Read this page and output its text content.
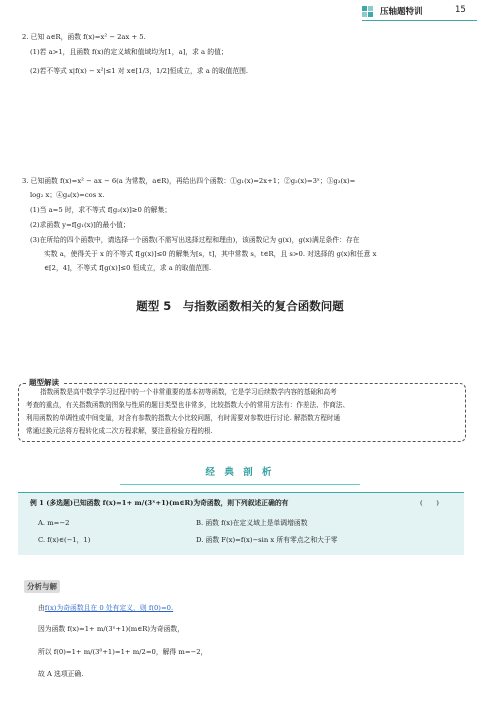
压轴题特训	15
2. 已知 a∈R，函数 f(x)=x² − 2ax + 5.
(1)若 a>1，且函数 f(x)的定义域和值域均为[1，a]，求 a 的值；
(2)若不等式 x|f(x) − x²|≤1 对 x∈[1/3，1/2]恒成立，求 a 的取值范围.
3. 已知函数 f(x)=x² − ax − 6(a 为常数，a∈R)，再给出四个函数：①g₁(x)=2x+1；②g₂(x)=3ˣ；③g₃(x)=
log₂ x；④g₄(x)=cos x.
(1)当 a=5 时，求不等式 f[g₂(x)]≥0 的解集；
(2)求函数 y=f[g₁(x)]的最小值；
(3)在所给的四个函数中，请选择一个函数(不需写出选择过程和理由)，该函数记为 g(x)，g(x)满足条件：存在
实数 a，使得关于 x 的不等式 f[g(x)]≤0 的解集为[s，t]，其中常数 s，t∈R，且 s>0. 对选择的 g(x)和任意 x
∈[2，4]，不等式 f[g(x)]≤0 恒成立，求 a 的取值范围.
题型 5　与指数函数相关的复合函数问题
题型解读
指数函数是高中数学学习过程中的一个非常重要的基本初等函数，它是学习后续数学内容的基础和高考
考查的重点，有关指数函数的图象与性质的题目类型也非常多，比较指数大小的常用方法有：作差法、作商法、
利用函数的单调性或中间变量，对含有参数的指数大小比较问题，有时需要对参数进行讨论. 解指数方程时通
常通过换元法将方程转化成二次方程求解，要注意检验方程的根.
经 典 剖 析
例 1 (多选题)已知函数 f(x)=1+ m/(3ˣ+1)(m∈R)为奇函数，则下列叙述正确的有	(　　)
A. m=−2	B. 函数 f(x)在定义域上是单调增函数
C. f(x)∈(−1，1)	D. 函数 F(x)=f(x)−sin x 所有零点之和大于零
分析与解
由f(x)为奇函数且在 0 处有定义，则 f(0)=0.
因为函数 f(x)=1+ m/(3ˣ+1)(m∈R)为奇函数，
所以 f(0)=1+ m/(3⁰+1)=1+ m/2=0，解得 m=−2，
故 A 选项正确.
